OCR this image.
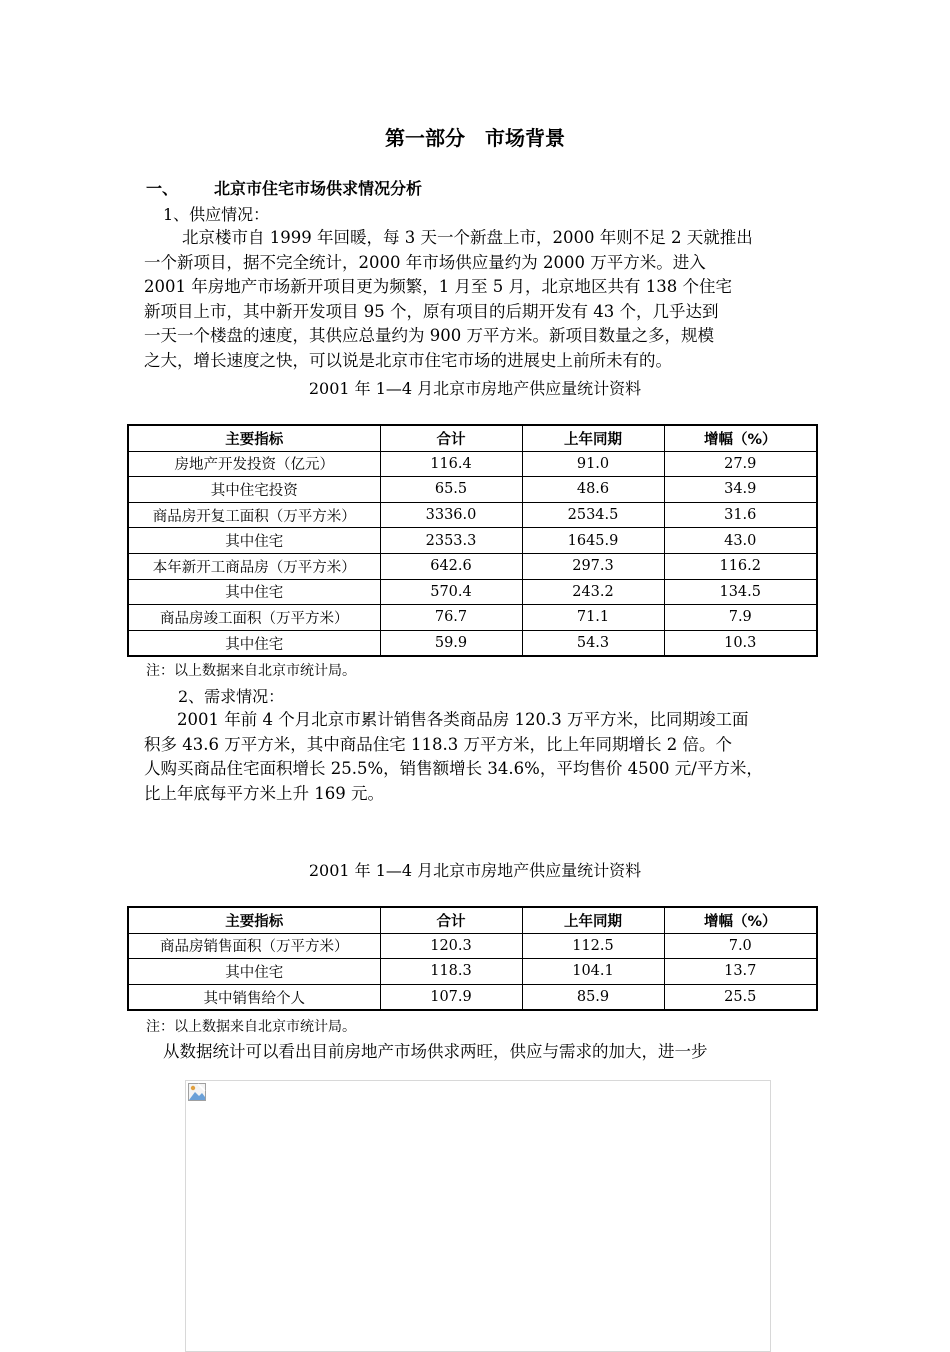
第一部分　市场背景
一、 北京市住宅市场供求情况分析
1、供应情况：
北京楼市自 1999 年回暖，每 3 天一个新盘上市，2000 年则不足 2 天就推出
一个新项目，据不完全统计，2000 年市场供应量约为 2000 万平方米。进入
2001 年房地产市场新开项目更为频繁，1 月至 5 月，北京地区共有 138 个住宅
新项目上市，其中新开发项目 95 个，原有项目的后期开发有 43 个，几乎达到
一天一个楼盘的速度，其供应总量约为 900 万平方米。新项目数量之多，规模
之大，增长速度之快，可以说是北京市住宅市场的进展史上前所未有的。
2001 年 1—4 月北京市房地产供应量统计资料
主要指标	合计	上年同期	增幅（%）
房地产开发投资（亿元）	116.4	91.0	27.9
其中住宅投资	65.5	48.6	34.9
商品房开复工面积（万平方米）	3336.0	2534.5	31.6
其中住宅	2353.3	1645.9	43.0
本年新开工商品房（万平方米）	642.6	297.3	116.2
其中住宅	570.4	243.2	134.5
商品房竣工面积（万平方米）	76.7	71.1	7.9
其中住宅	59.9	54.3	10.3
注：以上数据来自北京市统计局。
2、需求情况：
2001 年前 4 个月北京市累计销售各类商品房 120.3 万平方米，比同期竣工面
积多 43.6 万平方米，其中商品住宅 118.3 万平方米，比上年同期增长 2 倍。个
人购买商品住宅面积增长 25.5%，销售额增长 34.6%，平均售价 4500 元/平方米，
比上年底每平方米上升 169 元。
2001 年 1—4 月北京市房地产供应量统计资料
主要指标	合计	上年同期	增幅（%）
商品房销售面积（万平方米）	120.3	112.5	7.0
其中住宅	118.3	104.1	13.7
其中销售给个人	107.9	85.9	25.5
注：以上数据来自北京市统计局。
从数据统计可以看出目前房地产市场供求两旺，供应与需求的加大，进一步
